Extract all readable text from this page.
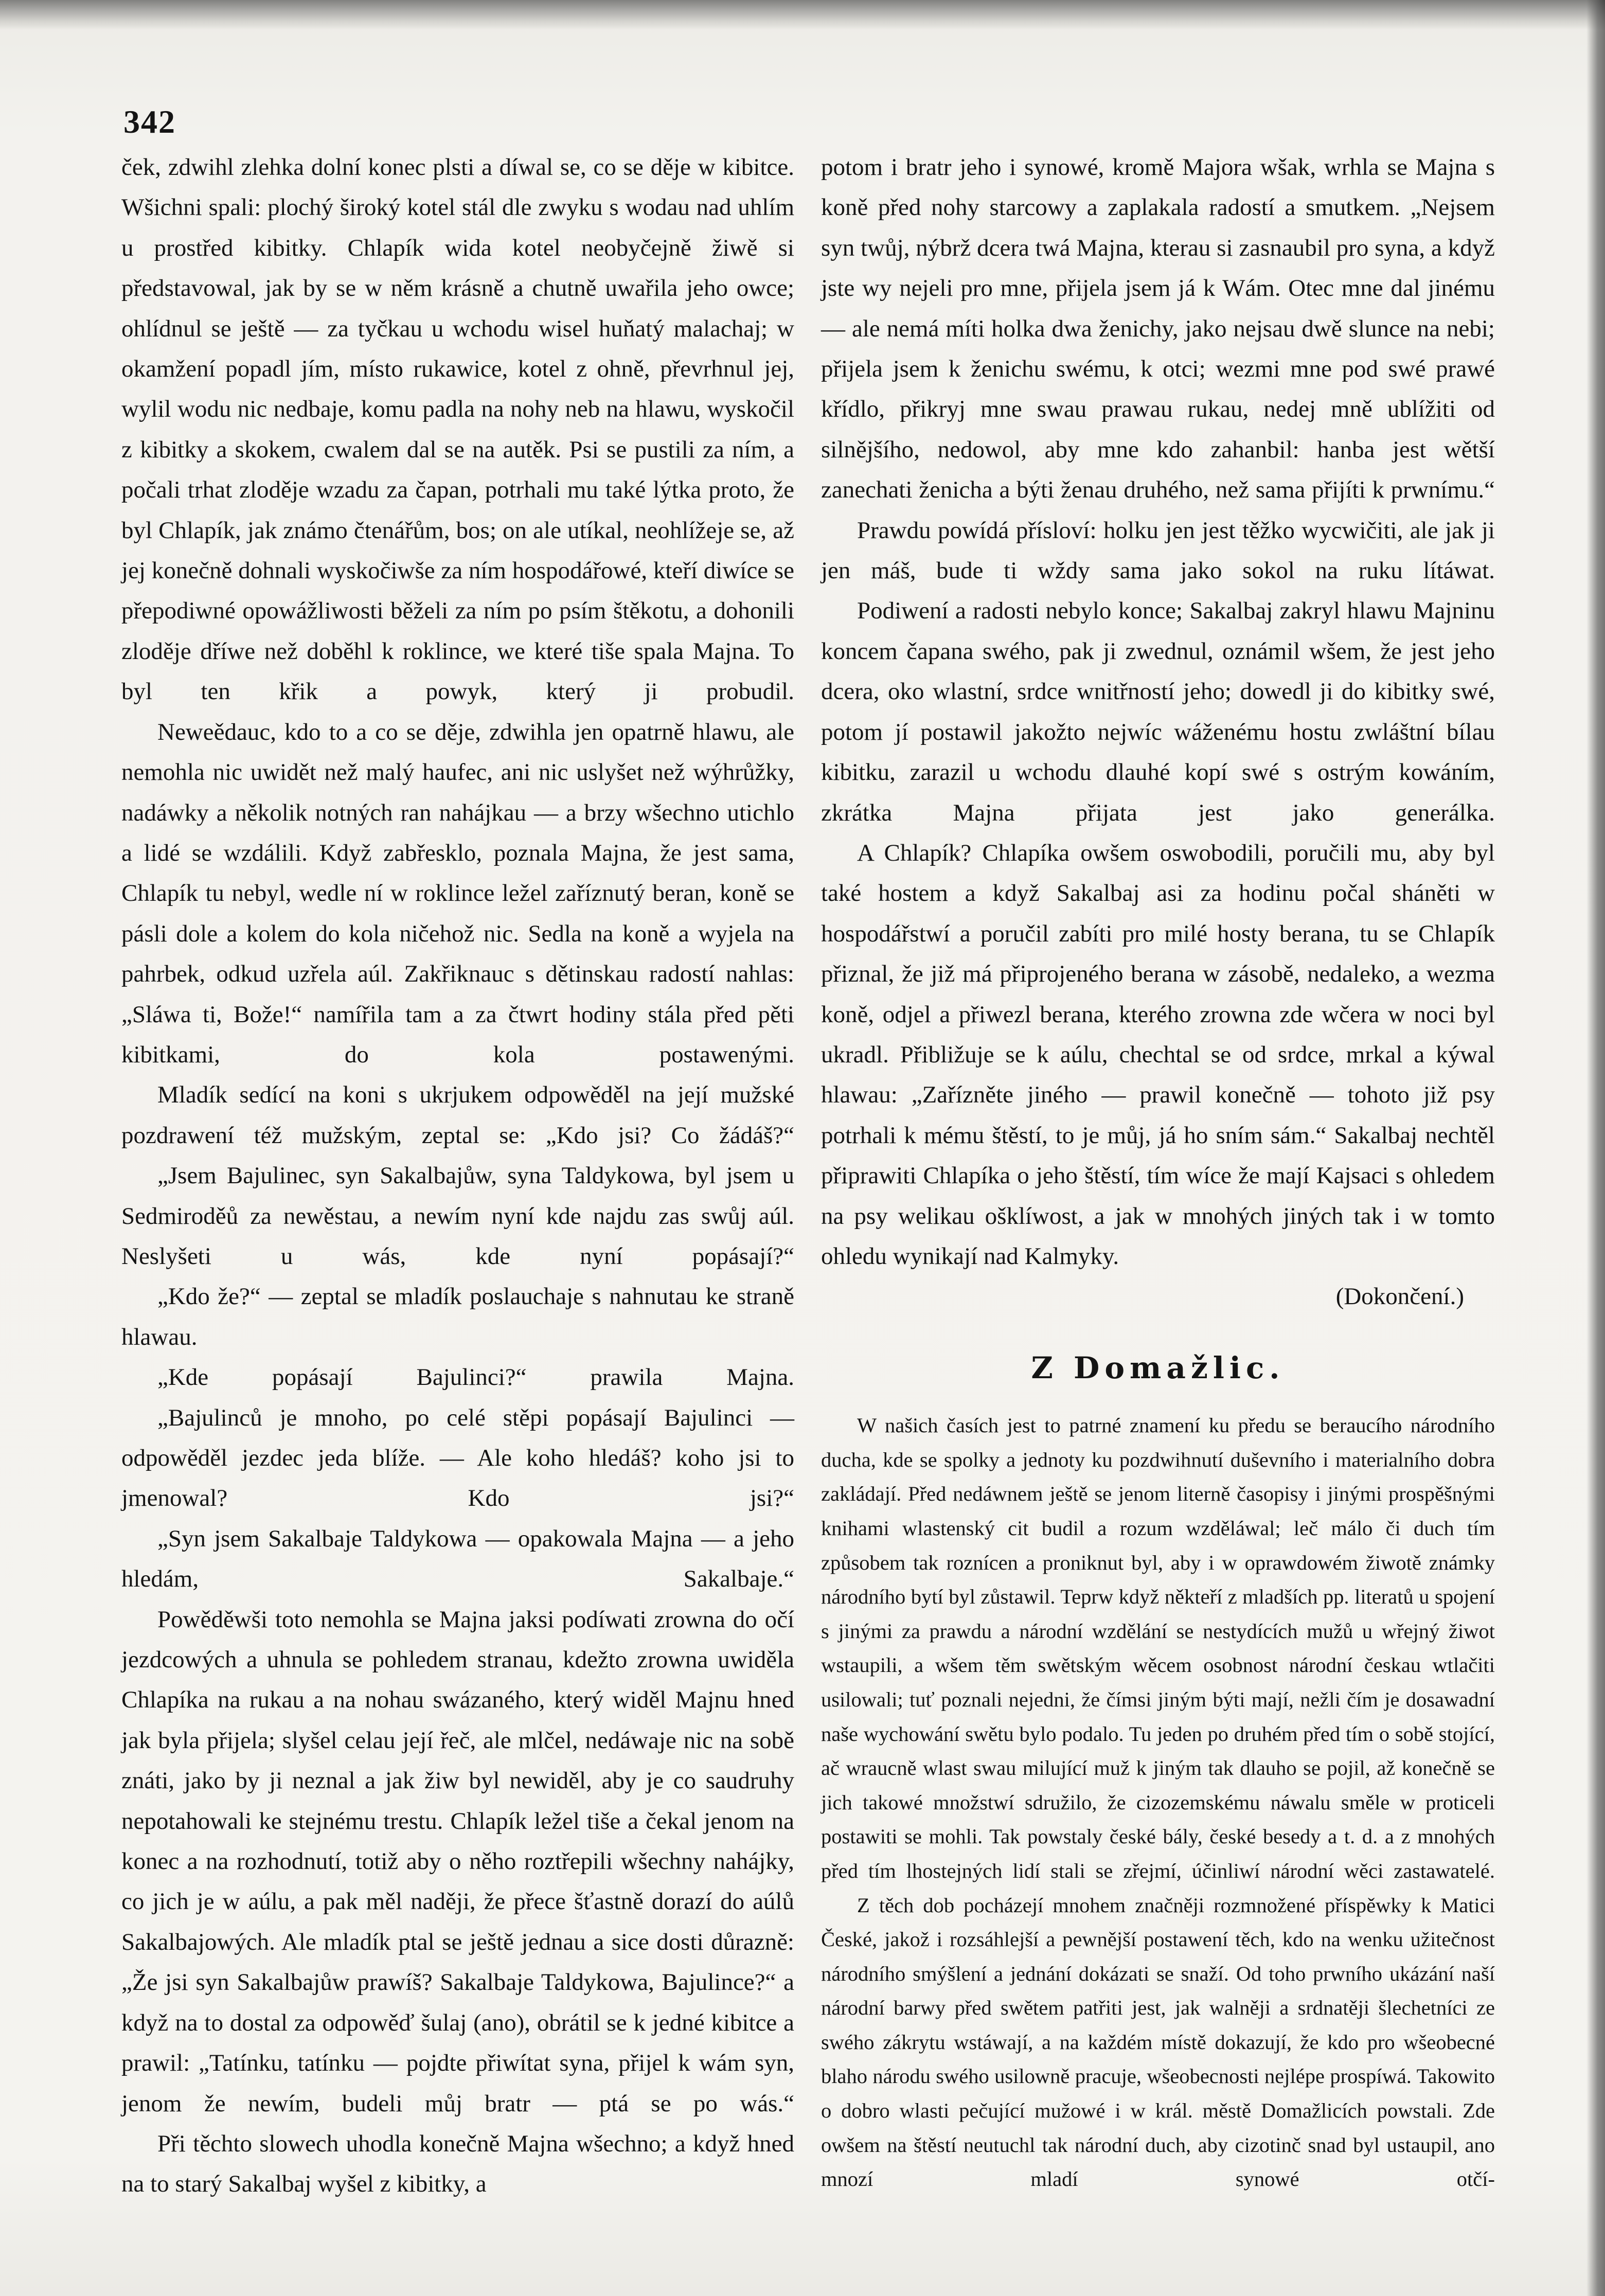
342

ček, zdwihl zlehka dolní konec plsti a díwal se, co se děje w kibitce. Wšichni spali: plochý široký kotel stál dle zwyku s wodau nad uhlím u prostřed kibitky. Chlapík wida kotel neobyčejně žiwě si představowal, jak by se w něm krásně a chutně uwařila jeho owce; ohlídnul se ještě — za tyčkau u wchodu wisel huňatý malachaj; w okamžení popadl jím, místo rukawice, kotel z ohně, převrhnul jej, wylil wodu nic nedbaje, komu padla na nohy neb na hlawu, wyskočil z kibitky a skokem, cwalem dal se na autěk. Psi se pustili za ním, a počali trhat zloděje wzadu za čapan, potrhali mu také lýtka proto, že byl Chlapík, jak známo čtenářům, bos; on ale utíkal, neohlížeje se, až jej konečně dohnali wyskočiwše za ním hospodářowé, kteří diwíce se přepodiwné opowážliwosti běželi za ním po psím štěkotu, a dohonili zloděje dříwe než doběhl k roklince, we které tiše spala Majna. To byl ten křik a powyk, který ji probudil.

Neweědauc, kdo to a co se děje, zdwihla jen opatrně hlawu, ale nemohla nic uwidět než malý haufec, ani nic uslyšet než wýhrůžky, nadáwky a několik notných ran nahájkau — a brzy wšechno utichlo a lidé se wzdálili. Když zabřesklo, poznala Majna, že jest sama, Chlapík tu nebyl, wedle ní w roklince ležel zaříznutý beran, koně se pásli dole a kolem do kola ničehož nic. Sedla na koně a wyjela na pahrbek, odkud uzřela aúl. Zakřiknauc s dětinskau radostí nahlas: „Sláwa ti, Bože!“ namířila tam a za čtwrt hodiny stála před pěti kibitkami, do kola postawenými.

Mladík sedící na koni s ukrjukem odpowěděl na její mužské pozdrawení též mužským, zeptal se: „Kdo jsi? Co žádáš?“

„Jsem Bajulinec, syn Sakalbajůw, syna Taldykowa, byl jsem u Sedmiroděů za newěstau, a newím nyní kde najdu zas swůj aúl. Neslyšeti u wás, kde nyní popásají?“

„Kdo že?“ — zeptal se mladík poslauchaje s nahnutau ke straně hlawau.

„Kde popásají Bajulinci?“ prawila Majna.

„Bajulinců je mnoho, po celé stěpi popásají Bajulinci — odpowěděl jezdec jeda blíže. — Ale koho hledáš? koho jsi to jmenowal? Kdo jsi?“

„Syn jsem Sakalbaje Taldykowa — opakowala Majna — a jeho hledám, Sakalbaje.“

Powěděwši toto nemohla se Majna jaksi podíwati zrowna do očí jezdcowých a uhnula se pohledem stranau, kdežto zrowna uwiděla Chlapíka na rukau a na nohau swázaného, který widěl Majnu hned jak byla přijela; slyšel celau její řeč, ale mlčel, nedáwaje nic na sobě znáti, jako by ji neznal a jak žiw byl newiděl, aby je co saudruhy nepotahowali ke stejnému trestu. Chlapík ležel tiše a čekal jenom na konec a na rozhodnutí, totiž aby o něho roztřepili wšechny nahájky, co jich je w aúlu, a pak měl naději, že přece šťastně dorazí do aúlů Sakalbajowých. Ale mladík ptal se ještě jednau a sice dosti důrazně: „Že jsi syn Sakalbajůw prawíš? Sakalbaje Taldykowa, Bajulince?“ a když na to dostal za odpowěď šulaj (ano), obrátil se k jedné kibitce a prawil: „Tatínku, tatínku — pojdte přiwítat syna, přijel k wám syn, jenom že newím, budeli můj bratr — ptá se po wás.“

Při těchto slowech uhodla konečně Majna wšechno; a když hned na to starý Sakalbaj wyšel z kibitky, a

potom i bratr jeho i synowé, kromě Majora wšak, wrhla se Majna s koně před nohy starcowy a zaplakala radostí a smutkem. „Nejsem syn twůj, nýbrž dcera twá Majna, kterau si zasnaubil pro syna, a když jste wy nejeli pro mne, přijela jsem já k Wám. Otec mne dal jinému — ale nemá míti holka dwa ženichy, jako nejsau dwě slunce na nebi; přijela jsem k ženichu swému, k otci; wezmi mne pod swé prawé křídlo, přikryj mne swau prawau rukau, nedej mně ublížiti od silnějšího, nedowol, aby mne kdo zahanbil: hanba jest wětší zanechati ženicha a býti ženau druhého, než sama přijíti k prwnímu.“

Prawdu powídá přísloví: holku jen jest těžko wycwičiti, ale jak ji jen máš, bude ti wždy sama jako sokol na ruku lítáwat.

Podiwení a radosti nebylo konce; Sakalbaj zakryl hlawu Majninu koncem čapana swého, pak ji zwednul, oznámil wšem, že jest jeho dcera, oko wlastní, srdce wnitřností jeho; dowedl ji do kibitky swé, potom jí postawil jakožto nejwíc wáženému hostu zwláštní bílau kibitku, zarazil u wchodu dlauhé kopí swé s ostrým kowáním, zkrátka Majna přijata jest jako generálka.

A Chlapík? Chlapíka owšem oswobodili, poručili mu, aby byl také hostem a když Sakalbaj asi za hodinu počal sháněti w hospodářstwí a poručil zabíti pro milé hosty berana, tu se Chlapík přiznal, že již má připrojeného berana w zásobě, nedaleko, a wezma koně, odjel a přiwezl berana, kterého zrowna zde wčera w noci byl ukradl. Přibližuje se k aúlu, chechtal se od srdce, mrkal a kýwal hlawau: „Zařízněte jiného — prawil konečně — tohoto již psy potrhali k mému štěstí, to je můj, já ho sním sám.“ Sakalbaj nechtěl připrawiti Chlapíka o jeho štěstí, tím wíce že mají Kajsaci s ohledem na psy welikau ošklíwost, a jak w mnohých jiných tak i w tomto ohledu wynikají nad Kalmyky.

(Dokončení.)
Z Domažlic.

W našich časích jest to patrné znamení ku předu se beraucího národního ducha, kde se spolky a jednoty ku pozdwihnutí duševního i materialního dobra zakládají. Před nedáwnem ještě se jenom literně časopisy i jinými prospěšnými knihami wlastenský cit budil a rozum wzděláwal; leč málo či duch tím způsobem tak roznícen a proniknut byl, aby i w oprawdowém žiwotě známky národního bytí byl zůstawil. Teprw když někteří z mladších pp. literatů u spojení s jinými za prawdu a národní wzdělání se nestydících mužů u wřejný žiwot wstaupili, a wšem těm swětským wěcem osobnost národní českau wtlačiti usilowali; tuť poznali nejedni, že čímsi jiným býti mají, nežli čím je dosawadní naše wychowání swětu bylo podalo. Tu jeden po druhém před tím o sobě stojící, ač wraucně wlast swau milující muž k jiným tak dlauho se pojil, až konečně se jich takowé množstwí sdružilo, že cizozemskému náwalu směle w proticeli postawiti se mohli. Tak powstaly české bály, české besedy a t. d. a z mnohých před tím lhostejných lidí stali se zřejmí, účinliwí národní wěci zastawatelé.

Z těch dob pocházejí mnohem značněji rozmnožené příspěwky k Matici České, jakož i rozsáhlejší a pewnější postawení těch, kdo na wenku užitečnost národního smýšlení a jednání dokázati se snaží. Od toho prwního ukázání naší národní barwy před swětem patřiti jest, jak walněji a srdnatěji šlechetníci ze swého zákrytu wstáwají, a na každém místě dokazují, že kdo pro wšeobecné blaho národu swého usilowně pracuje, wšeobecnosti nejlépe prospíwá. Takowito o dobro wlasti pečující mužowé i w král. městě Domažlicích powstali. Zde owšem na štěstí neutuchl tak národní duch, aby cizotinč snad byl ustaupil, ano mnozí mladí synowé otčí-
